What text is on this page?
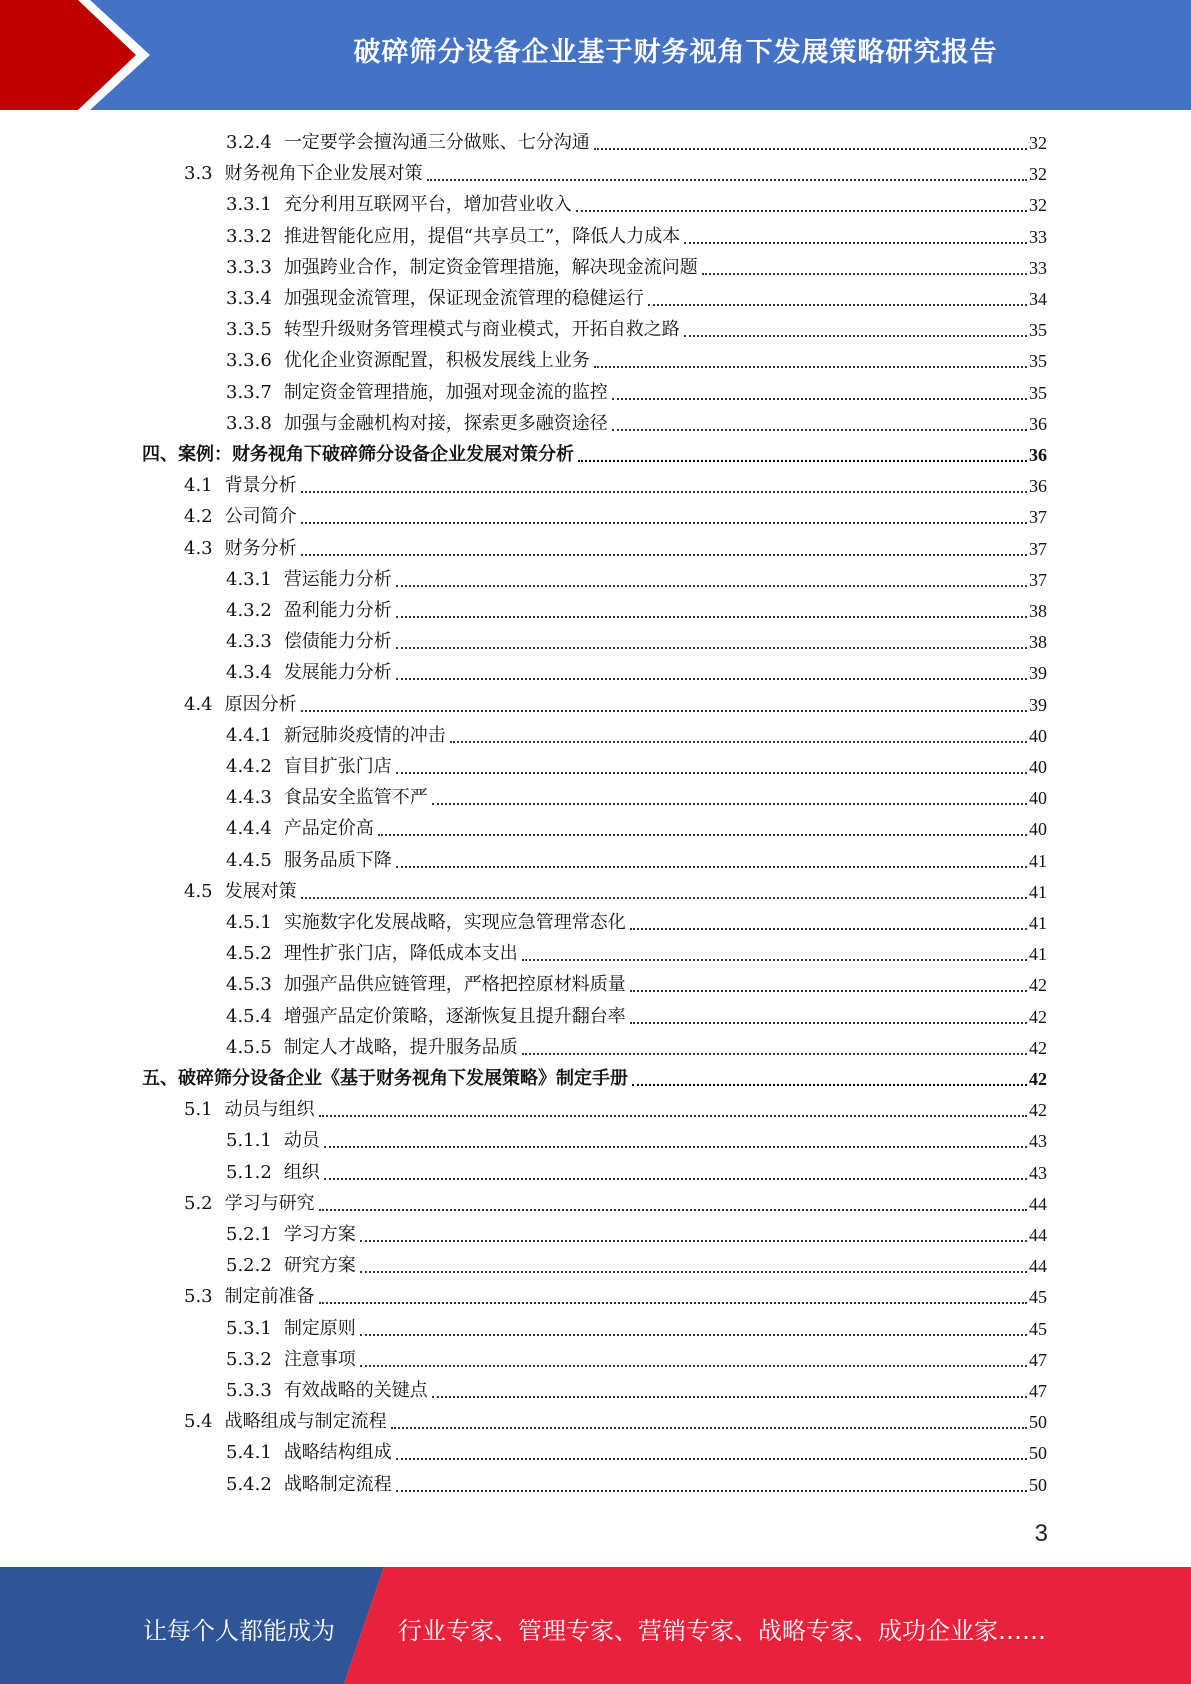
破碎筛分设备企业基于财务视角下发展策略研究报告
3.2.4 一定要学会擅沟通三分做账、七分沟通	32
3.3 财务视角下企业发展对策	32
3.3.1 充分利用互联网平台，增加营业收入	32
3.3.2 推进智能化应用，提倡“共享员工”，降低人力成本	33
3.3.3 加强跨业合作，制定资金管理措施，解决现金流问题	33
3.3.4 加强现金流管理，保证现金流管理的稳健运行	34
3.3.5 转型升级财务管理模式与商业模式，开拓自救之路	35
3.3.6 优化企业资源配置，积极发展线上业务	35
3.3.7 制定资金管理措施，加强对现金流的监控	35
3.3.8 加强与金融机构对接，探索更多融资途径	36
四、 案例：财务视角下破碎筛分设备企业发展对策分析	36
4.1 背景分析	36
4.2 公司简介	37
4.3 财务分析	37
4.3.1 营运能力分析	37
4.3.2 盈利能力分析	38
4.3.3 偿债能力分析	38
4.3.4 发展能力分析	39
4.4 原因分析	39
4.4.1 新冠肺炎疫情的冲击	40
4.4.2 盲目扩张门店	40
4.4.3 食品安全监管不严	40
4.4.4 产品定价高	40
4.4.5 服务品质下降	41
4.5 发展对策	41
4.5.1 实施数字化发展战略，实现应急管理常态化	41
4.5.2 理性扩张门店，降低成本支出	41
4.5.3 加强产品供应链管理，严格把控原材料质量	42
4.5.4 增强产品定价策略，逐渐恢复且提升翻台率	42
4.5.5 制定人才战略，提升服务品质	42
五、 破碎筛分设备企业《基于财务视角下发展策略》制定手册	42
5.1 动员与组织	42
5.1.1 动员	43
5.1.2 组织	43
5.2 学习与研究	44
5.2.1 学习方案	44
5.2.2 研究方案	44
5.3 制定前准备	45
5.3.1 制定原则	45
5.3.2 注意事项	47
5.3.3 有效战略的关键点	47
5.4 战略组成与制定流程	50
5.4.1 战略结构组成	50
5.4.2 战略制定流程	50
3
让每个人都能成为	行业专家、管理专家、营销专家、战略专家、成功企业家……
